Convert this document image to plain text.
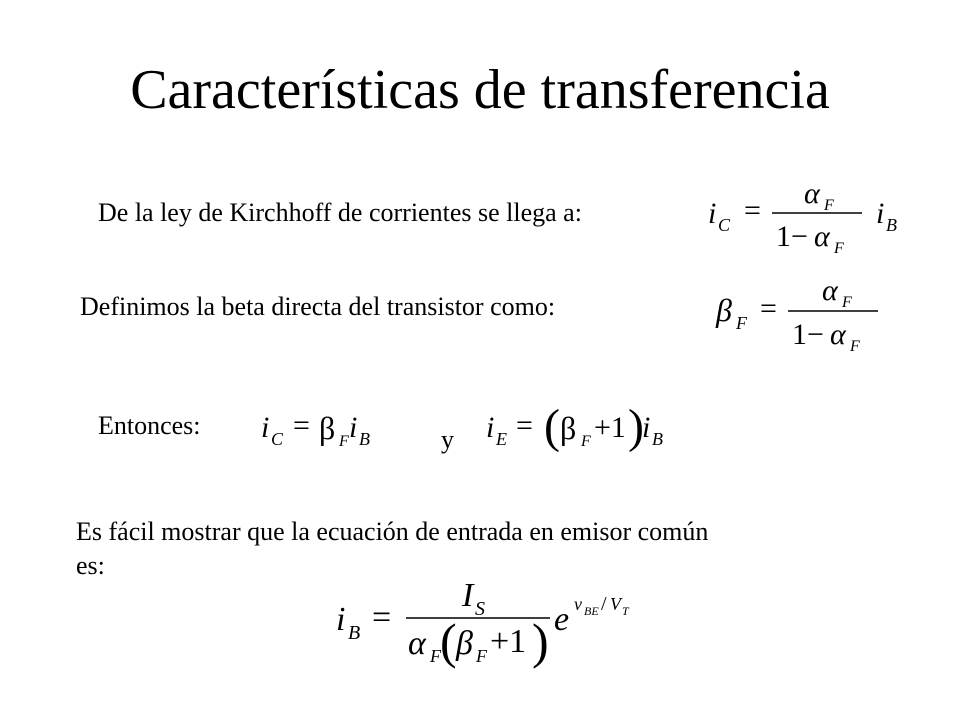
Características de transferencia
De la ley de Kirchhoff de corrientes se llega a:	i C =
α F
1− α F
i B
Definimos la beta directa del transistor como:	β F =
α F
1− α F
Entonces: i C = β F i B	y i E = ( β F +1 )
i B
Es fácil mostrar que la ecuación de entrada en emisor común
es:
i B =
I S
α F ( β F +1 ) e v BE / V T
